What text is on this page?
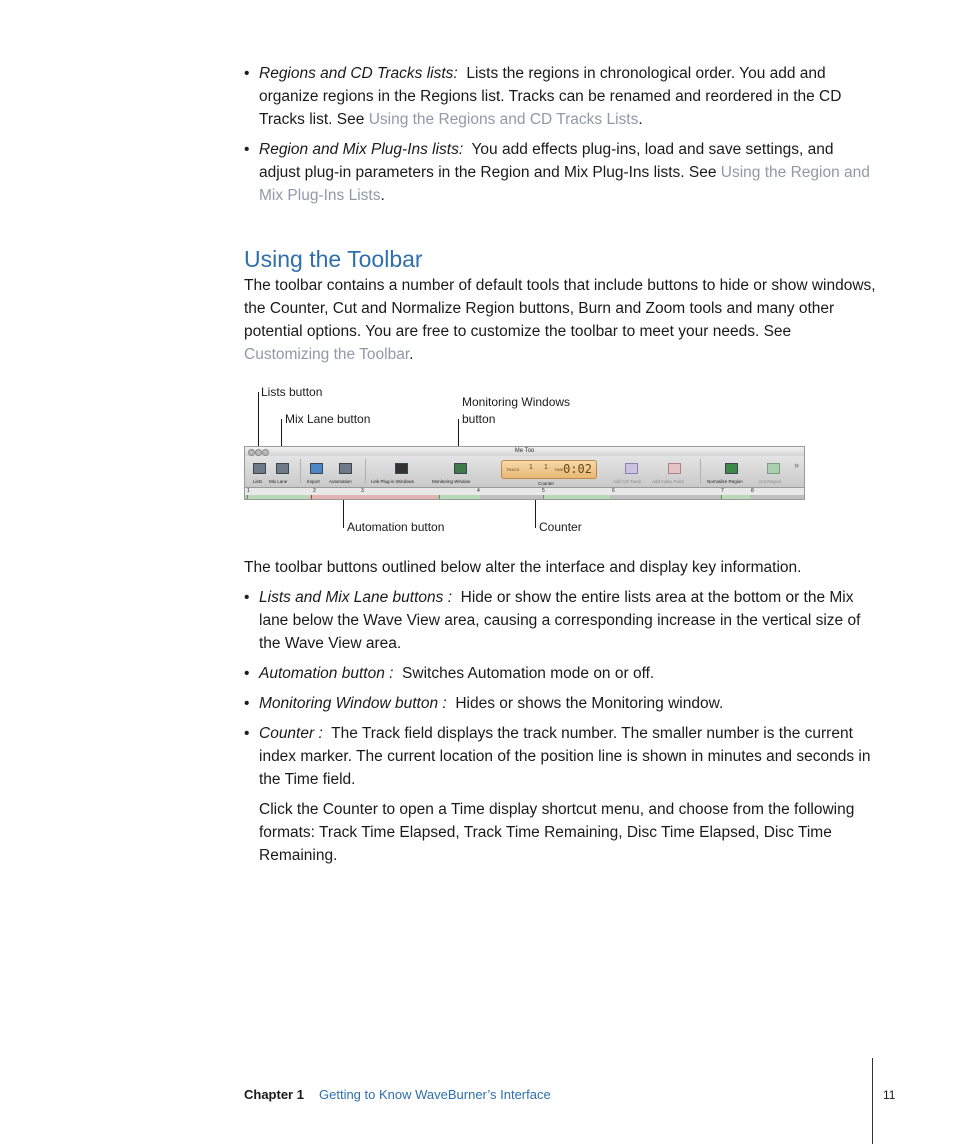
• Regions and CD Tracks lists: Lists the regions in chronological order. You add and organize regions in the Regions list. Tracks can be renamed and reordered in the CD Tracks list. See Using the Regions and CD Tracks Lists.
• Region and Mix Plug-Ins lists: You add effects plug-ins, load and save settings, and adjust plug-in parameters in the Region and Mix Plug-Ins lists. See Using the Region and Mix Plug-Ins Lists.
Using the Toolbar
The toolbar contains a number of default tools that include buttons to hide or show windows, the Counter, Cut and Normalize Region buttons, Burn and Zoom tools and many other potential options. You are free to customize the toolbar to meet your needs. See Customizing the Toolbar.
Lists button
Mix Lane button
Monitoring Windows button
Automation button	Counter
Me Too
Lists Mix Lane	Import Automation	Link Plug-in Windows	Monitoring Window
TRACK 1 1 TIME 0:02
Counter	Add CD Track Add Index Point	Normalize Region	Cut Region
»
1	2	3	4	5	6	7	8
The toolbar buttons outlined below alter the interface and display key information.
• Lists and Mix Lane buttons : Hide or show the entire lists area at the bottom or the Mix lane below the Wave View area, causing a corresponding increase in the vertical size of the Wave View area.
• Automation button : Switches Automation mode on or off.
• Monitoring Window button : Hides or shows the Monitoring window.
• Counter : The Track field displays the track number. The smaller number is the current index marker. The current location of the position line is shown in minutes and seconds in the Time field.
Click the Counter to open a Time display shortcut menu, and choose from the following formats: Track Time Elapsed, Track Time Remaining, Disc Time Elapsed, Disc Time Remaining.
Chapter 1 Getting to Know WaveBurner’s Interface	11
